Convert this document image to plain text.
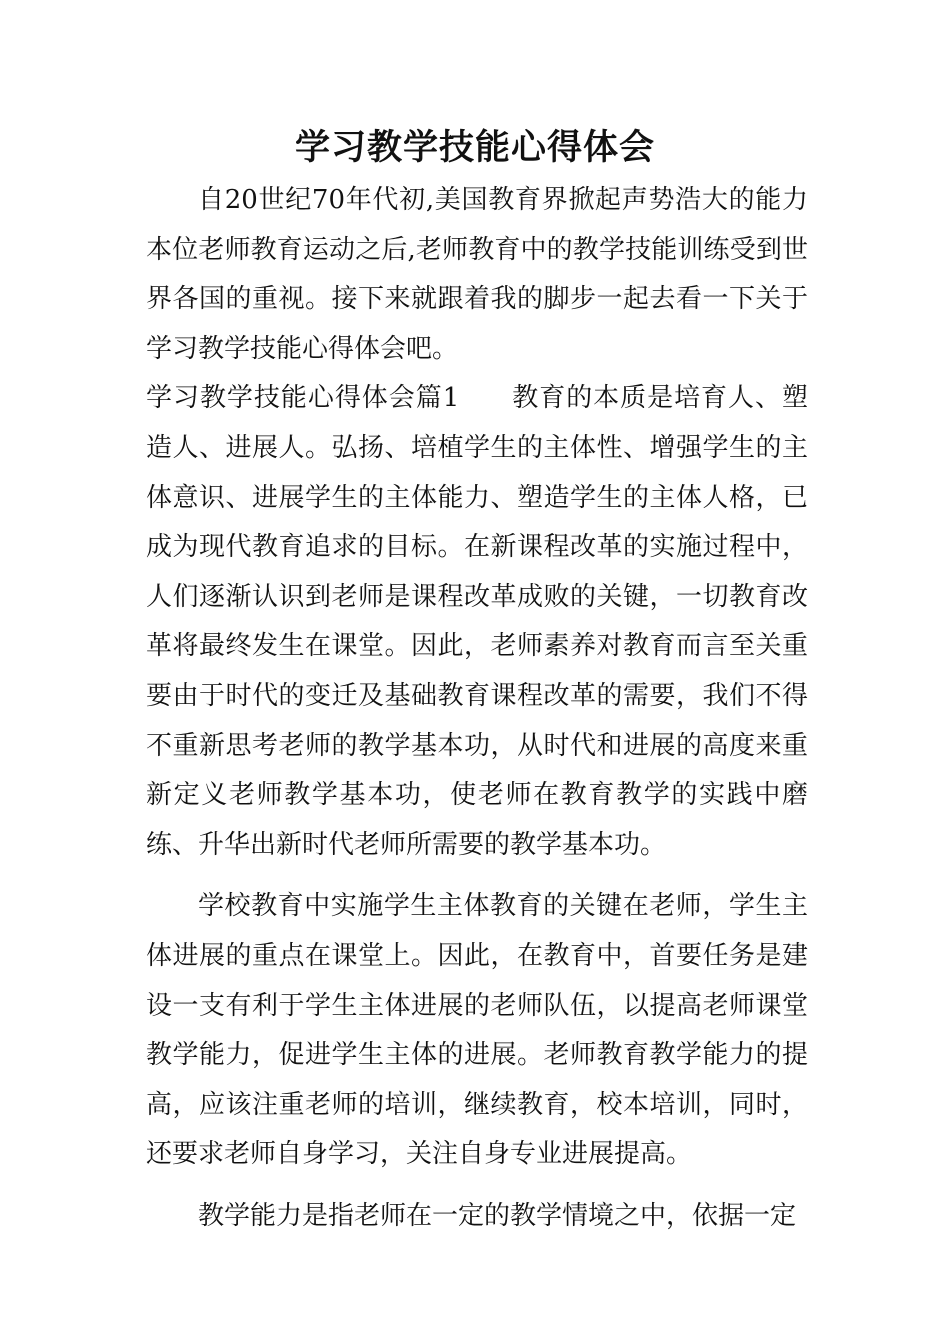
学习教学技能心得体会

自20世纪70年代初,美国教育界掀起声势浩大的能力本位老师教育运动之后,老师教育中的教学技能训练受到世界各国的重视。接下来就跟着我的脚步一起去看一下关于学习教学技能心得体会吧。

学习教学技能心得体会篇1   教育的本质是培育人、塑造人、进展人。弘扬、培植学生的主体性、增强学生的主体意识、进展学生的主体能力、塑造学生的主体人格，已成为现代教育追求的目标。在新课程改革的实施过程中，人们逐渐认识到老师是课程改革成败的关键，一切教育改革将最终发生在课堂。因此，老师素养对教育而言至关重要由于时代的变迁及基础教育课程改革的需要，我们不得不重新思考老师的教学基本功，从时代和进展的高度来重新定义老师教学基本功，使老师在教育教学的实践中磨练、升华出新时代老师所需要的教学基本功。

学校教育中实施学生主体教育的关键在老师，学生主体进展的重点在课堂上。因此，在教育中，首要任务是建设一支有利于学生主体进展的老师队伍，以提高老师课堂教学能力，促进学生主体的进展。老师教育教学能力的提高，应该注重老师的培训，继续教育，校本培训，同时，还要求老师自身学习，关注自身专业进展提高。

教学能力是指老师在一定的教学情境之中，依据一定
